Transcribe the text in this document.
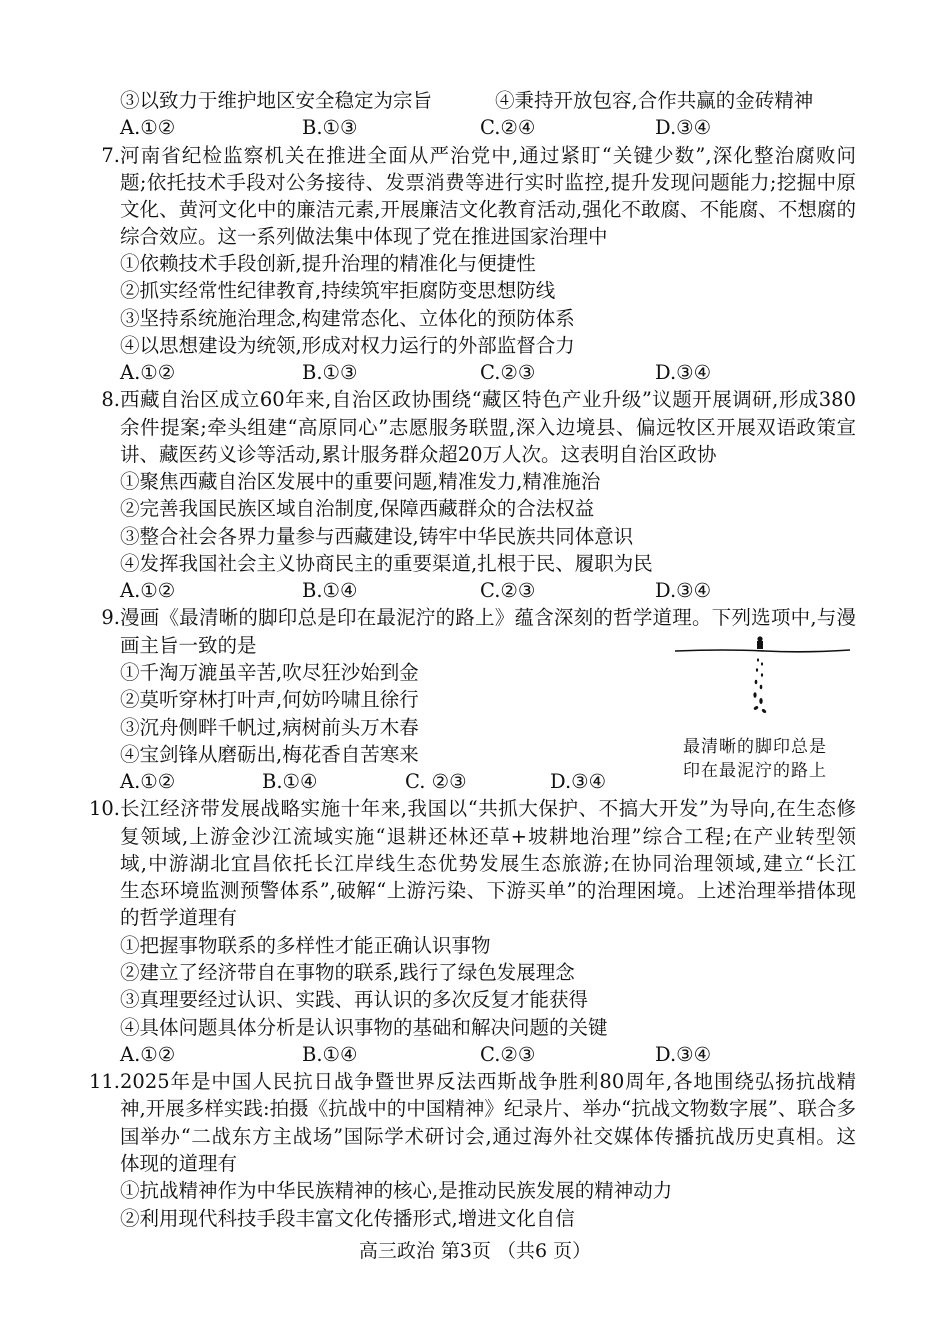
③以致力于维护地区安全稳定为宗旨	④秉持开放包容,合作共赢的金砖精神
A.①②	B.①③	C.②④	D.③④
7. 河南省纪检监察机关在推进全面从严治党中,通过紧盯“关键少数”,深化整治腐败问
题;依托技术手段对公务接待、发票消费等进行实时监控,提升发现问题能力;挖掘中原
文化、黄河文化中的廉洁元素,开展廉洁文化教育活动,强化不敢腐、不能腐、不想腐的
综合效应。这一系列做法集中体现了党在推进国家治理中
①依赖技术手段创新,提升治理的精准化与便捷性
②抓实经常性纪律教育,持续筑牢拒腐防变思想防线
③坚持系统施治理念,构建常态化、立体化的预防体系
④以思想建设为统领,形成对权力运行的外部监督合力
A.①②	B.①③	C.②③	D.③④
8. 西藏自治区成立60年来,自治区政协围绕“藏区特色产业升级”议题开展调研,形成380
余件提案;牵头组建“高原同心”志愿服务联盟,深入边境县、偏远牧区开展双语政策宣
讲、藏医药义诊等活动,累计服务群众超20万人次。这表明自治区政协
①聚焦西藏自治区发展中的重要问题,精准发力,精准施治
②完善我国民族区域自治制度,保障西藏群众的合法权益
③整合社会各界力量参与西藏建设,铸牢中华民族共同体意识
④发挥我国社会主义协商民主的重要渠道,扎根于民、履职为民
A.①②	B.①④	C.②③	D.③④
9. 漫画《最清晰的脚印总是印在最泥泞的路上》蕴含深刻的哲学道理。下列选项中,与漫
画主旨一致的是
①千淘万漉虽辛苦,吹尽狂沙始到金
②莫听穿林打叶声,何妨吟啸且徐行
③沉舟侧畔千帆过,病树前头万木春
④宝剑锋从磨砺出,梅花香自苦寒来
A.①②	B.①④	C. ②③	D.③④
10. 长江经济带发展战略实施十年来,我国以“共抓大保护、不搞大开发”为导向,在生态修
复领域,上游金沙江流域实施“退耕还林还草+坡耕地治理”综合工程;在产业转型领
域,中游湖北宜昌依托长江岸线生态优势发展生态旅游;在协同治理领域,建立“长江
生态环境监测预警体系”,破解“上游污染、下游买单”的治理困境。上述治理举措体现
的哲学道理有
①把握事物联系的多样性才能正确认识事物
②建立了经济带自在事物的联系,践行了绿色发展理念
③真理要经过认识、实践、再认识的多次反复才能获得
④具体问题具体分析是认识事物的基础和解决问题的关键
A.①②	B.①④	C.②③	D.③④
11. 2025年是中国人民抗日战争暨世界反法西斯战争胜利80周年,各地围绕弘扬抗战精
神,开展多样实践:拍摄《抗战中的中国精神》纪录片、举办“抗战文物数字展”、联合多
国举办“二战东方主战场”国际学术研讨会,通过海外社交媒体传播抗战历史真相。这
体现的道理有
①抗战精神作为中华民族精神的核心,是推动民族发展的精神动力
②利用现代科技手段丰富文化传播形式,增进文化自信
最清晰的脚印总是
印在最泥泞的路上
高三政治 第3页 （共6 页）
